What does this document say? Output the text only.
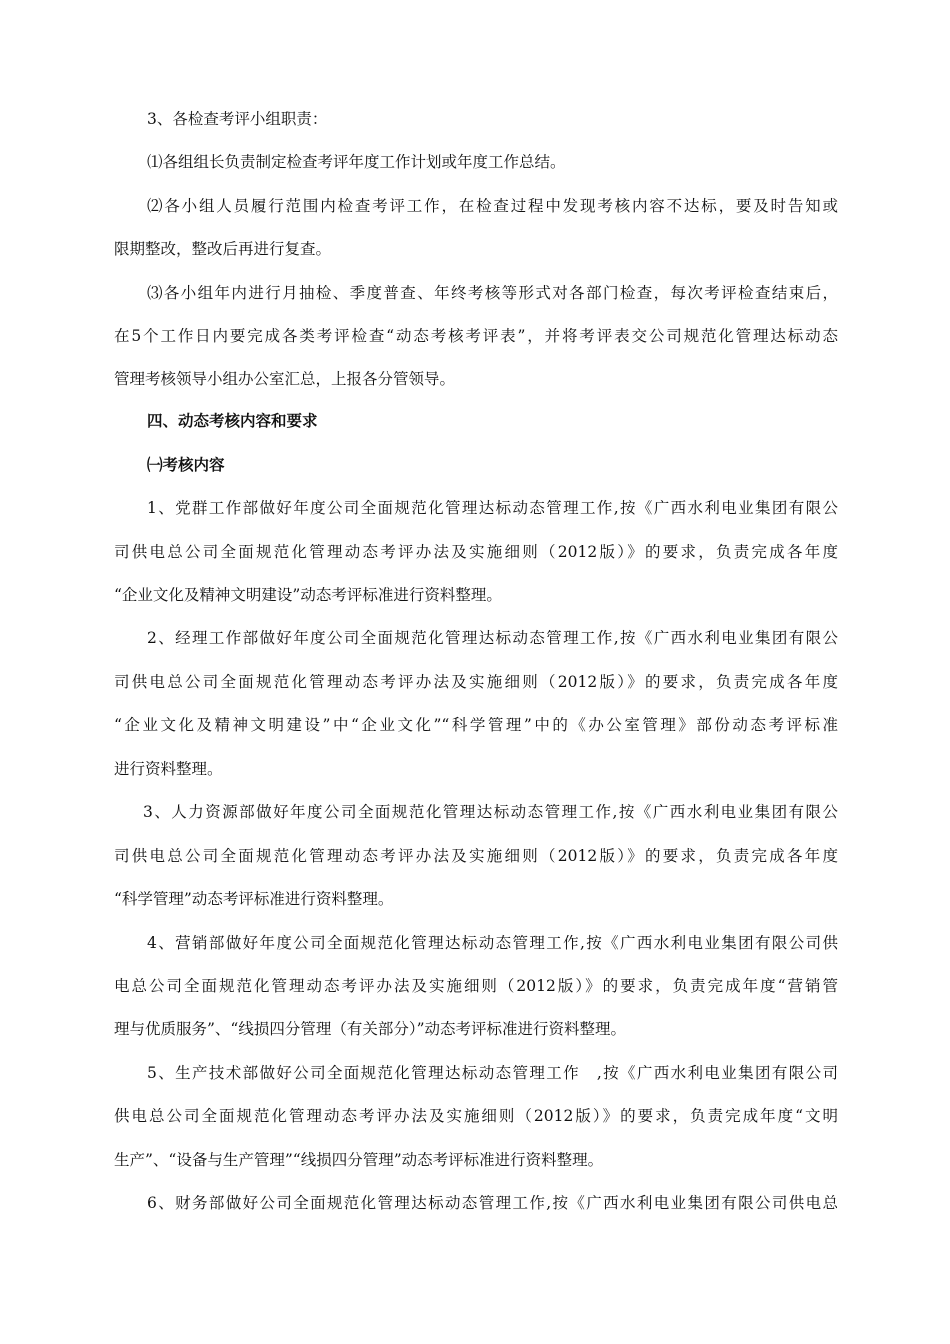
3、各检查考评小组职责：
⑴各组组长负责制定检查考评年度工作计划或年度工作总结。
⑵各小组人员履行范围内检查考评工作，在检查过程中发现考核内容不达标，要及时告知或
限期整改，整改后再进行复查。
⑶各小组年内进行月抽检、季度普查、年终考核等形式对各部门检查，每次考评检查结束后，
在5个工作日内要完成各类考评检查“动态考核考评表”，并将考评表交公司规范化管理达标动态
管理考核领导小组办公室汇总，上报各分管领导。
四、动态考核内容和要求
㈠考核内容
1、党群工作部做好年度公司全面规范化管理达标动态管理工作,按《广西水利电业集团有限公
司供电总公司全面规范化管理动态考评办法及实施细则（2012版）》的要求，负责完成各年度
“企业文化及精神文明建设”动态考评标准进行资料整理。
2、经理工作部做好年度公司全面规范化管理达标动态管理工作,按《广西水利电业集团有限公
司供电总公司全面规范化管理动态考评办法及实施细则（2012版）》的要求，负责完成各年度
“企业文化及精神文明建设”中“企业文化”“科学管理”中的《办公室管理》部份动态考评标准
进行资料整理。
3、人力资源部做好年度公司全面规范化管理达标动态管理工作,按《广西水利电业集团有限公
司供电总公司全面规范化管理动态考评办法及实施细则（2012版）》的要求，负责完成各年度
“科学管理”动态考评标准进行资料整理。
4、营销部做好年度公司全面规范化管理达标动态管理工作,按《广西水利电业集团有限公司供
电总公司全面规范化管理动态考评办法及实施细则（2012版）》的要求，负责完成年度“营销管
理与优质服务”、“线损四分管理（有关部分）”动态考评标准进行资料整理。
5、生产技术部做好公司全面规范化管理达标动态管理工作　,按《广西水利电业集团有限公司
供电总公司全面规范化管理动态考评办法及实施细则（2012版）》的要求，负责完成年度“文明
生产”、“设备与生产管理”“线损四分管理”动态考评标准进行资料整理。
6、财务部做好公司全面规范化管理达标动态管理工作,按《广西水利电业集团有限公司供电总
